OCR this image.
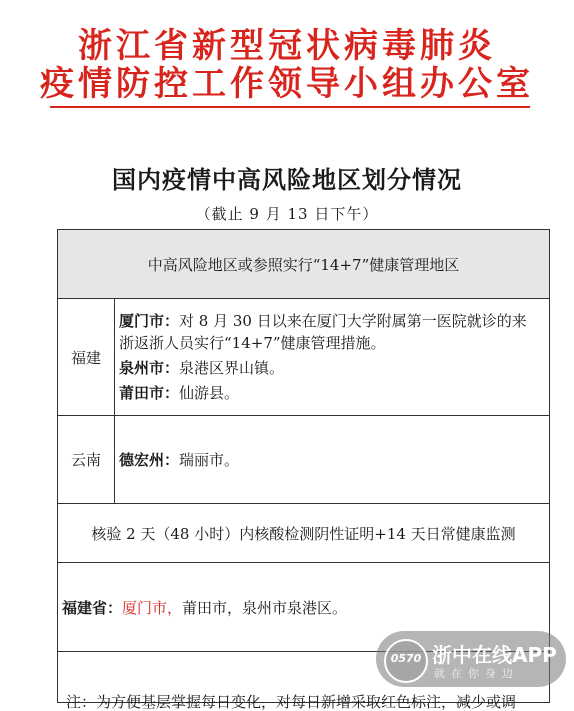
浙江省新型冠状病毒肺炎
疫情防控工作领导小组办公室
国内疫情中高风险地区划分情况
（截止 9 月 13 日下午）
中高风险地区或参照实行“14+7”健康管理地区	
福建	厦门市：对 8 月 30 日以来在厦门大学附属第一医院就诊的来浙返浙人员实行“14+7”健康管理措施。
泉州市：泉港区界山镇。
莆田市：仙游县。

云南	德宏州：瑞丽市。

核验 2 天（48 小时）内核酸检测阴性证明+14 天日常健康监测	
福建省：厦门市，莆田市，泉州市泉港区。	
注：为方便基层掌握每日变化，对每日新增采取红色标注，减少或调	
0570 浙中在线APP
就在你身边
